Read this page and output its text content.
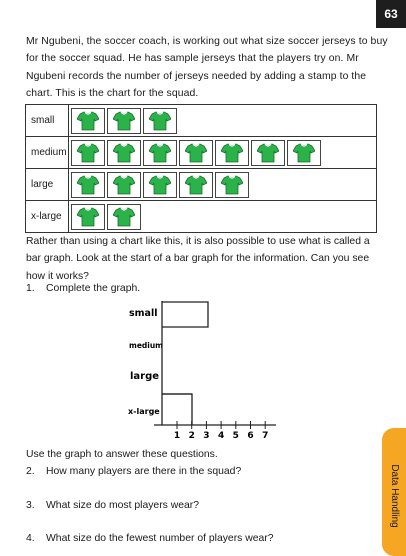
63
Mr Ngubeni, the soccer coach, is working out what size soccer jerseys to buy
for the soccer squad. He has sample jerseys that the players try on. Mr
Ngubeni records the number of jerseys needed by adding a stamp to the
chart. This is the chart for the squad.
small	

medium	

large	

x-large	
Rather than using a chart like this, it is also possible to use what is called a
bar graph. Look at the start of a bar graph for the information. Can you see
how it works?
1. Complete the graph.
small
medium
large
x-large
1 2 3 4 5 6 7
Use the graph to answer these questions.
2. How many players are there in the squad?
3. What size do most players wear?
4. What size do the fewest number of players wear?
Data Handling
